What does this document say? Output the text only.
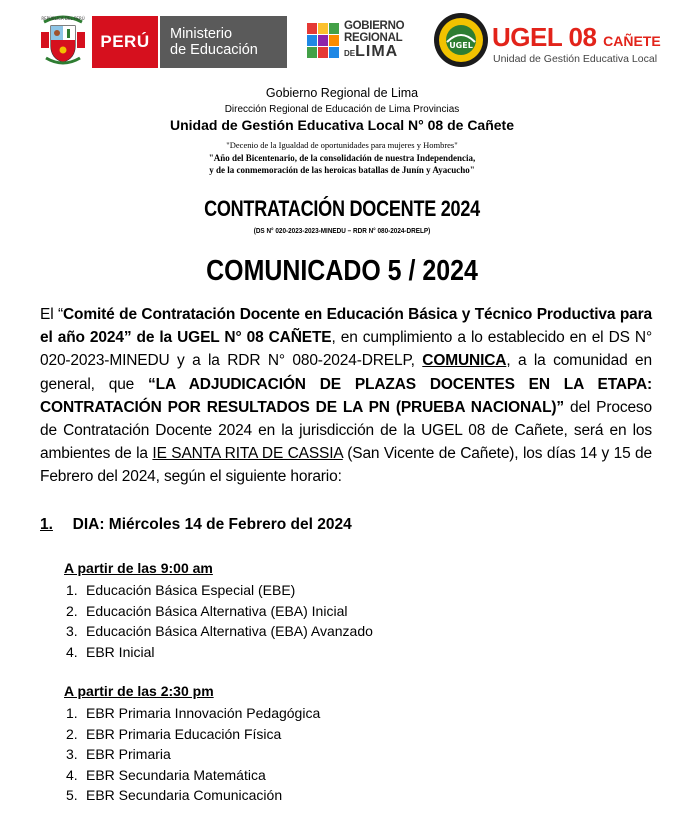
REPÚBLICA DEL PERÚ
PERÚ	Ministerio
de Educación
GOBIERNO
REGIONAL
DELIMA	UGEL UGEL 08 CAÑETE
Unidad de Gestión Educativa Local
Gobierno Regional de Lima
Dirección Regional de Educación de Lima Provincias
Unidad de Gestión Educativa Local N° 08 de Cañete
"Decenio de la Igualdad de oportunidades para mujeres y Hombres"
"Año del Bicentenario, de la consolidación de nuestra Independencia,
y de la conmemoración de las heroicas batallas de Junín y Ayacucho"
CONTRATACIÓN DOCENTE 2024
(DS N° 020-2023-2023-MINEDU – RDR N° 080-2024-DRELP)
COMUNICADO 5 / 2024
El “Comité de Contratación Docente en Educación Básica y Técnico Productiva para el año 2024” de la UGEL N° 08 CAÑETE, en cumplimiento a lo establecido en el DS N° 020-2023-MINEDU y a la RDR N° 080-2024-DRELP, COMUNICA, a la comunidad en general, que “LA ADJUDICACIÓN DE PLAZAS DOCENTES EN LA ETAPA: CONTRATACIÓN POR RESULTADOS DE LA PN (PRUEBA NACIONAL)” del Proceso de Contratación Docente 2024 en la jurisdicción de la UGEL 08 de Cañete, será en los ambientes de la IE SANTA RITA DE CASSIA (San Vicente de Cañete), los días 14 y 15 de Febrero del 2024, según el siguiente horario:
1. DIA: Miércoles 14 de Febrero del 2024
A partir de las 9:00 am
1. Educación Básica Especial (EBE)
2. Educación Básica Alternativa (EBA) Inicial
3. Educación Básica Alternativa (EBA) Avanzado
4. EBR Inicial
A partir de las 2:30 pm
1. EBR Primaria Innovación Pedagógica
2. EBR Primaria Educación Física
3. EBR Primaria
4. EBR Secundaria Matemática
5. EBR Secundaria Comunicación
